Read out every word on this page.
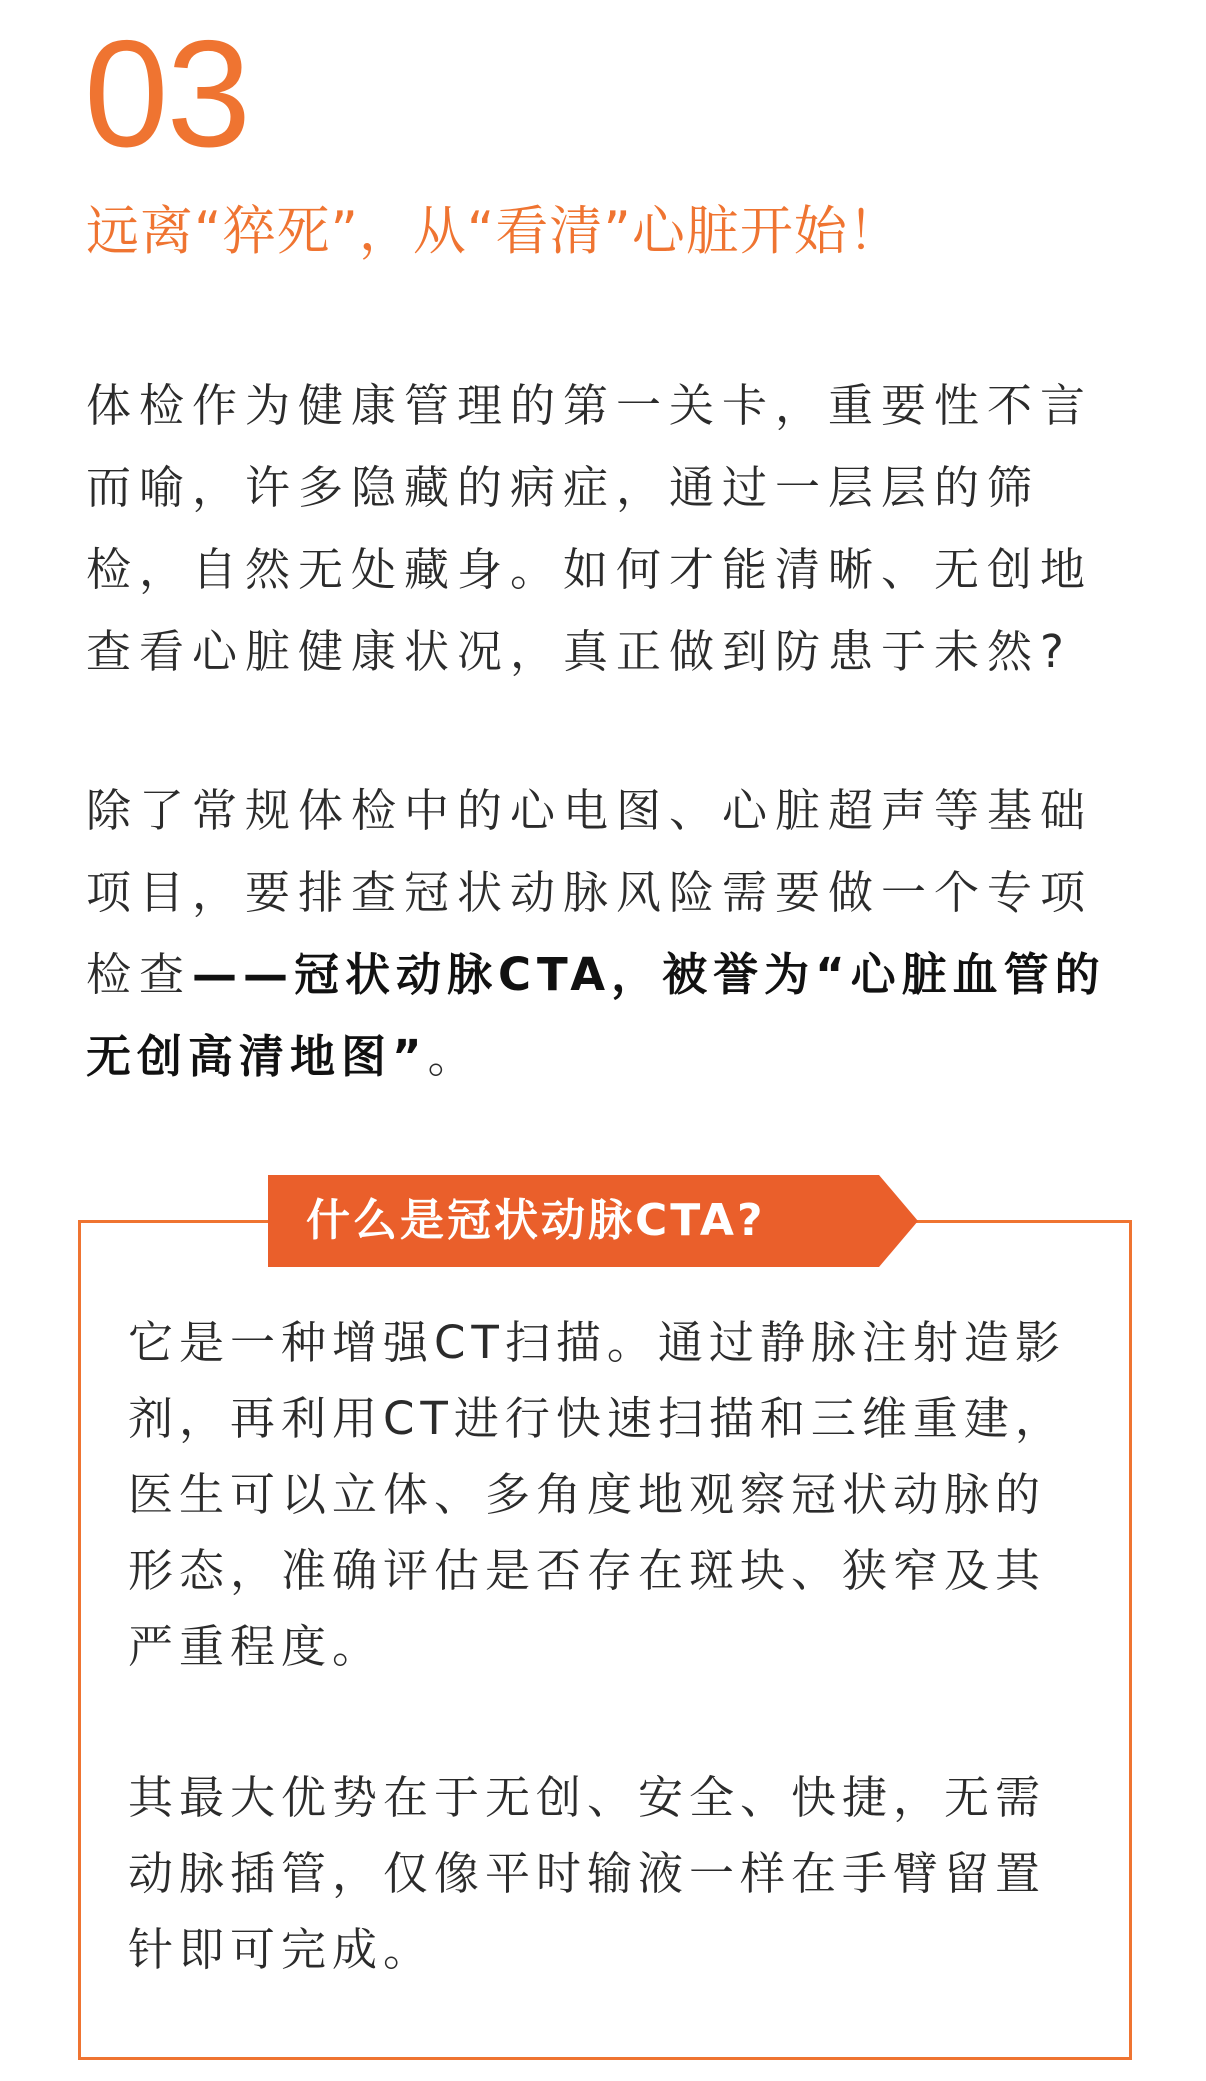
03
远离“猝死”，从“看清”心脏开始！

体检作为健康管理的第一关卡，重要性不言而喻，许多隐藏的病症，通过一层层的筛检，自然无处藏身。如何才能清晰、无创地查看心脏健康状况，真正做到防患于未然?

除了常规体检中的心电图、心脏超声等基础项目，要排查冠状动脉风险需要做一个专项检查——冠状动脉CTA，被誉为“心脏血管的无创高清地图”。

什么是冠状动脉CTA?

它是一种增强CT扫描。通过静脉注射造影剂，再利用CT进行快速扫描和三维重建，医生可以立体、多角度地观察冠状动脉的形态，准确评估是否存在斑块、狭窄及其严重程度。

其最大优势在于无创、安全、快捷，无需动脉插管，仅像平时输液一样在手臂留置针即可完成。
